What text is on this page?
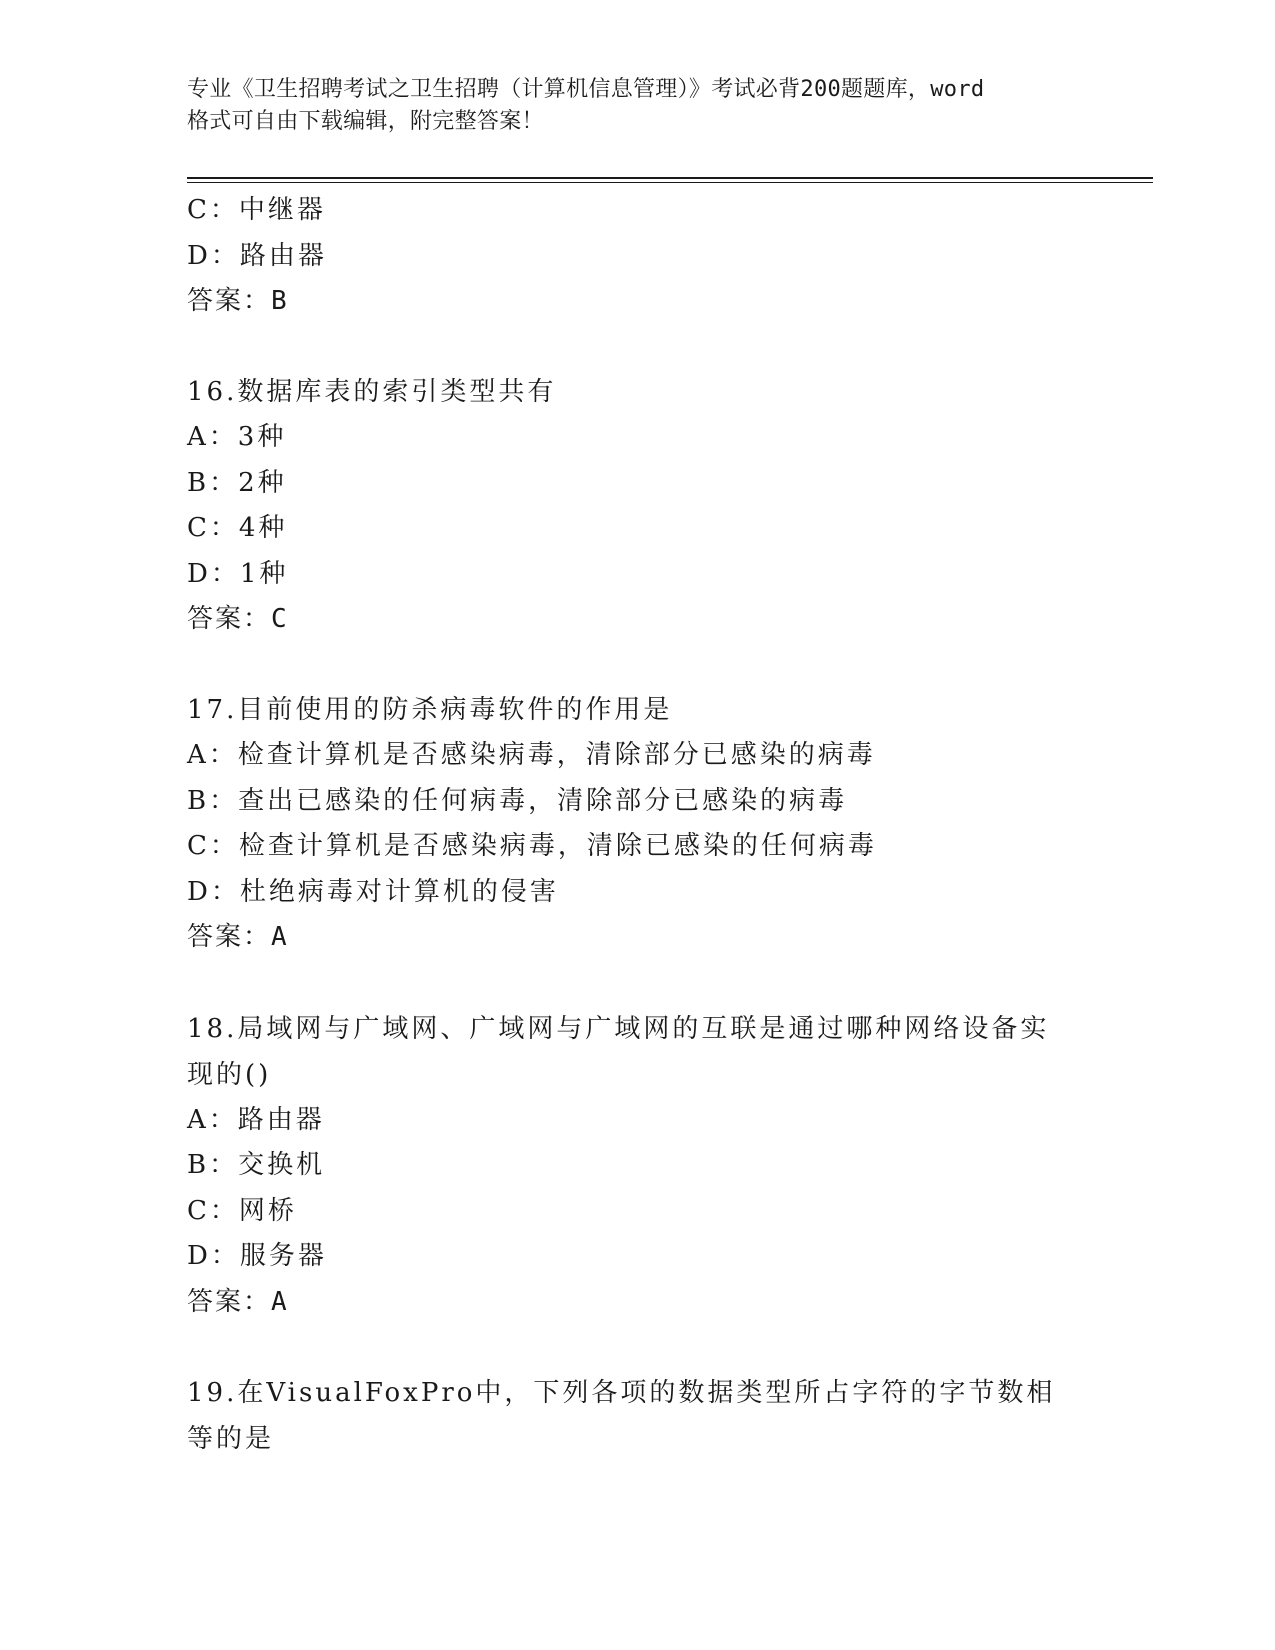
专业《卫生招聘考试之卫生招聘（计算机信息管理）》考试必背200题题库，word
格式可自由下载编辑，附完整答案！
C：中继器
D：路由器
答案：B
16.数据库表的索引类型共有
A：3种
B：2种
C：4种
D：1种
答案：C
17.目前使用的防杀病毒软件的作用是
A：检查计算机是否感染病毒，清除部分已感染的病毒
B：查出已感染的任何病毒，清除部分已感染的病毒
C：检查计算机是否感染病毒，清除已感染的任何病毒
D：杜绝病毒对计算机的侵害
答案：A
18.局域网与广域网、广域网与广域网的互联是通过哪种网络设备实现的()
A：路由器
B：交换机
C：网桥
D：服务器
答案：A
19.在VisualFoxPro中，下列各项的数据类型所占字符的字节数相等的是
